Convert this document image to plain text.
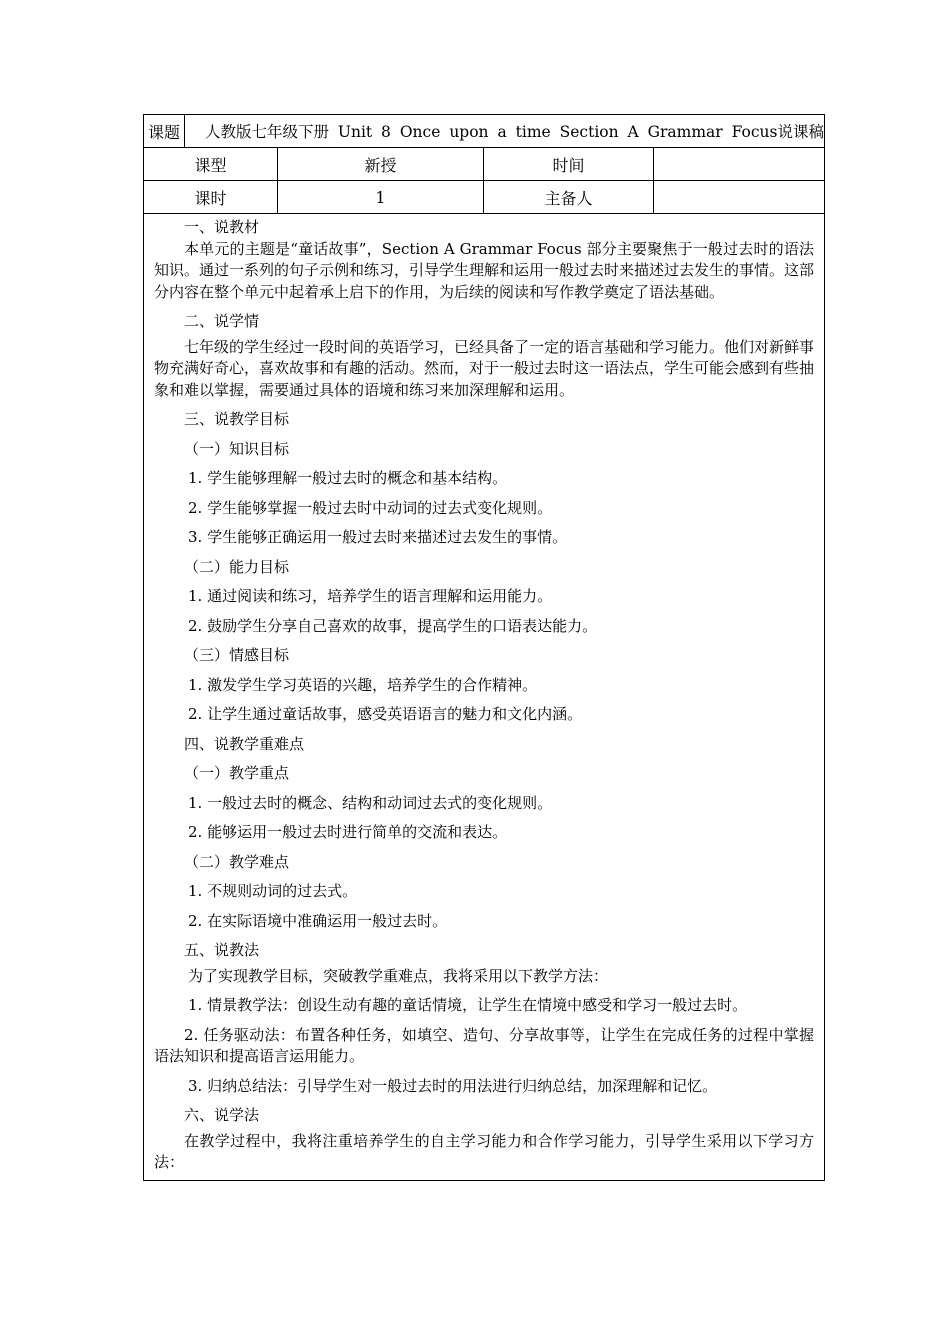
课题	人教版七年级下册 Unit 8 Once upon a time Section A Grammar Focus说课稿
课型	新授	时间
课时	1	主备人

一、说教材

本单元的主题是“童话故事”，Section A Grammar Focus 部分主要聚焦于一般过去时的语法知识。通过一系列的句子示例和练习，引导学生理解和运用一般过去时来描述过去发生的事情。这部分内容在整个单元中起着承上启下的作用，为后续的阅读和写作教学奠定了语法基础。

二、说学情

七年级的学生经过一段时间的英语学习，已经具备了一定的语言基础和学习能力。他们对新鲜事物充满好奇心，喜欢故事和有趣的活动。然而，对于一般过去时这一语法点，学生可能会感到有些抽象和难以掌握，需要通过具体的语境和练习来加深理解和运用。

三、说教学目标

（一）知识目标

1. 学生能够理解一般过去时的概念和基本结构。

2. 学生能够掌握一般过去时中动词的过去式变化规则。

3. 学生能够正确运用一般过去时来描述过去发生的事情。

（二）能力目标

1. 通过阅读和练习，培养学生的语言理解和运用能力。

2. 鼓励学生分享自己喜欢的故事，提高学生的口语表达能力。

（三）情感目标

1. 激发学生学习英语的兴趣，培养学生的合作精神。

2. 让学生通过童话故事，感受英语语言的魅力和文化内涵。

四、说教学重难点

（一）教学重点

1. 一般过去时的概念、结构和动词过去式的变化规则。

2. 能够运用一般过去时进行简单的交流和表达。

（二）教学难点

1. 不规则动词的过去式。

2. 在实际语境中准确运用一般过去时。

五、说教法

为了实现教学目标，突破教学重难点，我将采用以下教学方法：

1. 情景教学法：创设生动有趣的童话情境，让学生在情境中感受和学习一般过去时。

2. 任务驱动法：布置各种任务，如填空、造句、分享故事等，让学生在完成任务的过程中掌握语法知识和提高语言运用能力。

3. 归纳总结法：引导学生对一般过去时的用法进行归纳总结，加深理解和记忆。

六、说学法

在教学过程中，我将注重培养学生的自主学习能力和合作学习能力，引导学生采用以下学习方法：
